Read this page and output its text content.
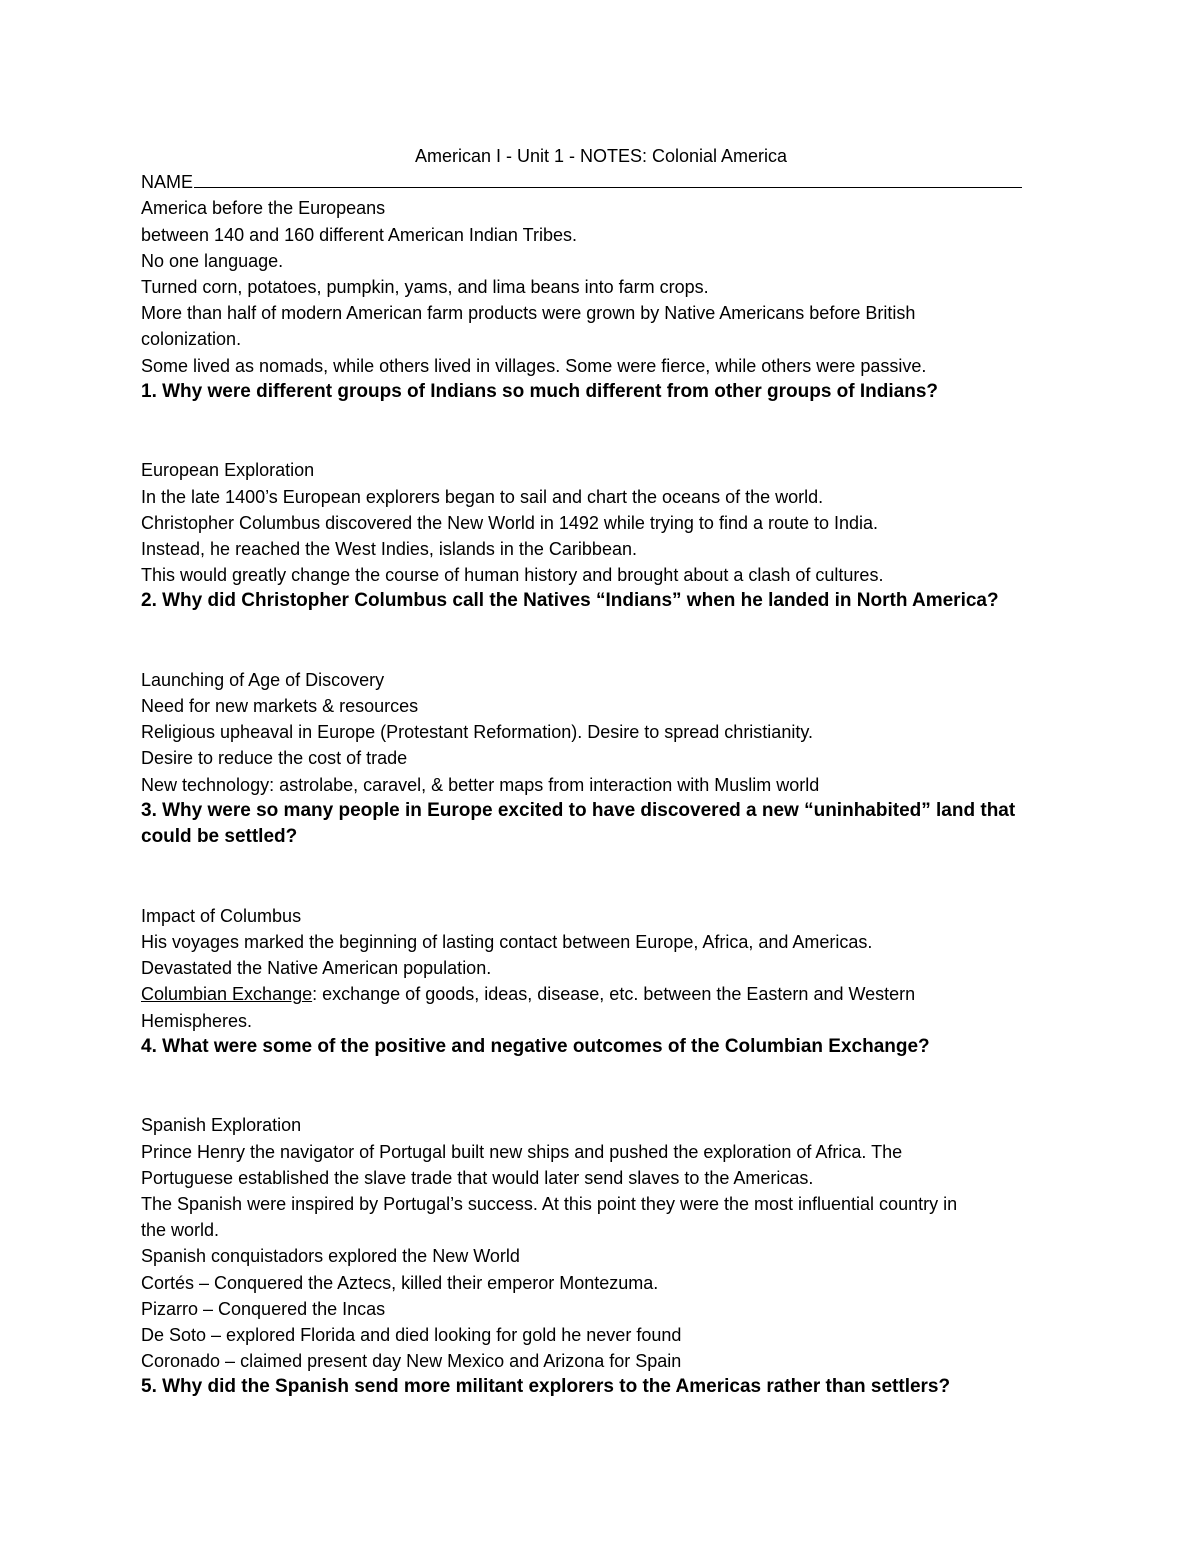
American I - Unit 1 - NOTES: Colonial America

NAME

America before the Europeans

between 140 and 160 different American Indian Tribes.

No one language.

Turned corn, potatoes, pumpkin, yams, and lima beans into farm crops.

More than half of modern American farm products were grown by Native Americans before British

colonization.

Some lived as nomads, while others lived in villages. Some were fierce, while others were passive.

1. Why were different groups of Indians so much different from other groups of Indians?

European Exploration

In the late 1400’s European explorers began to sail and chart the oceans of the world.

Christopher Columbus discovered the New World in 1492 while trying to find a route to India.

Instead, he reached the West Indies, islands in the Caribbean.

This would greatly change the course of human history and brought about a clash of cultures.

2. Why did Christopher Columbus call the Natives “Indians” when he landed in North America?

Launching of Age of Discovery

Need for new markets & resources

Religious upheaval in Europe (Protestant Reformation). Desire to spread christianity.

Desire to reduce the cost of trade

New technology: astrolabe, caravel, & better maps from interaction with Muslim world

3. Why were so many people in Europe excited to have discovered a new “uninhabited” land that

could be settled?

Impact of Columbus

His voyages marked the beginning of lasting contact between Europe, Africa, and Americas.

Devastated the Native American population.

Columbian Exchange: exchange of goods, ideas, disease, etc. between the Eastern and Western

Hemispheres.

4. What were some of the positive and negative outcomes of the Columbian Exchange?

Spanish Exploration

Prince Henry the navigator of Portugal built new ships and pushed the exploration of Africa. The

Portuguese established the slave trade that would later send slaves to the Americas.

The Spanish were inspired by Portugal’s success. At this point they were the most influential country in

the world.

Spanish conquistadors explored the New World

Cortés – Conquered the Aztecs, killed their emperor Montezuma.

Pizarro – Conquered the Incas

De Soto – explored Florida and died looking for gold he never found

Coronado – claimed present day New Mexico and Arizona for Spain

5. Why did the Spanish send more militant explorers to the Americas rather than settlers?
